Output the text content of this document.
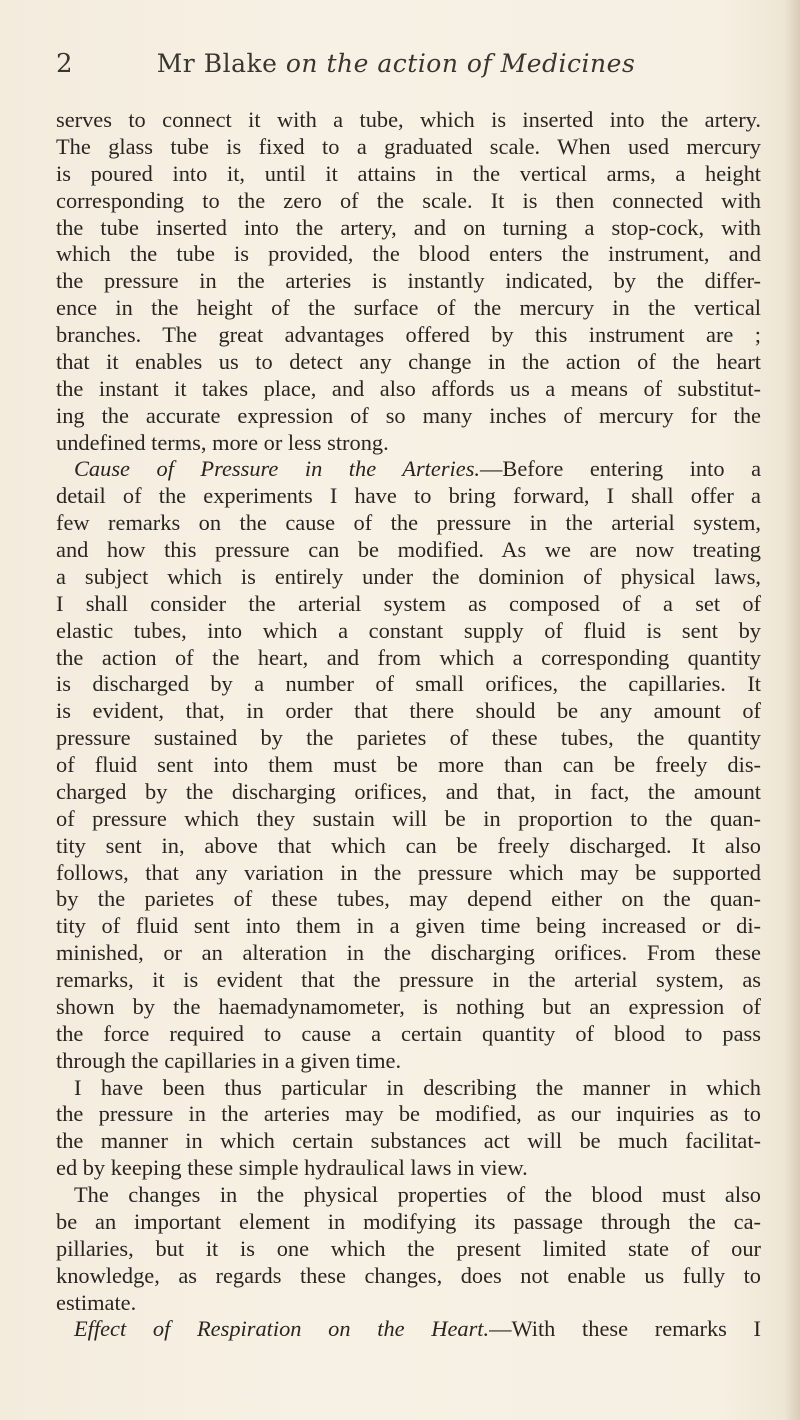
2	Mr Blake on the action of Medicines
serves to connect it with a tube, which is inserted into the artery.
The glass tube is fixed to a graduated scale. When used mercury
is poured into it, until it attains in the vertical arms, a height
corresponding to the zero of the scale. It is then connected with
the tube inserted into the artery, and on turning a stop-cock, with
which the tube is provided, the blood enters the instrument, and
the pressure in the arteries is instantly indicated, by the differ-
ence in the height of the surface of the mercury in the vertical
branches. The great advantages offered by this instrument are ;
that it enables us to detect any change in the action of the heart
the instant it takes place, and also affords us a means of substitut-
ing the accurate expression of so many inches of mercury for the
undefined terms, more or less strong.
Cause of Pressure in the Arteries.—Before entering into a
detail of the experiments I have to bring forward, I shall offer a
few remarks on the cause of the pressure in the arterial system,
and how this pressure can be modified. As we are now treating
a subject which is entirely under the dominion of physical laws,
I shall consider the arterial system as composed of a set of
elastic tubes, into which a constant supply of fluid is sent by
the action of the heart, and from which a corresponding quantity
is discharged by a number of small orifices, the capillaries. It
is evident, that, in order that there should be any amount of
pressure sustained by the parietes of these tubes, the quantity
of fluid sent into them must be more than can be freely dis-
charged by the discharging orifices, and that, in fact, the amount
of pressure which they sustain will be in proportion to the quan-
tity sent in, above that which can be freely discharged. It also
follows, that any variation in the pressure which may be supported
by the parietes of these tubes, may depend either on the quan-
tity of fluid sent into them in a given time being increased or di-
minished, or an alteration in the discharging orifices. From these
remarks, it is evident that the pressure in the arterial system, as
shown by the haemadynamometer, is nothing but an expression of
the force required to cause a certain quantity of blood to pass
through the capillaries in a given time.
I have been thus particular in describing the manner in which
the pressure in the arteries may be modified, as our inquiries as to
the manner in which certain substances act will be much facilitat-
ed by keeping these simple hydraulical laws in view.
The changes in the physical properties of the blood must also
be an important element in modifying its passage through the ca-
pillaries, but it is one which the present limited state of our
knowledge, as regards these changes, does not enable us fully to
estimate.
Effect of Respiration on the Heart.—With these remarks I
